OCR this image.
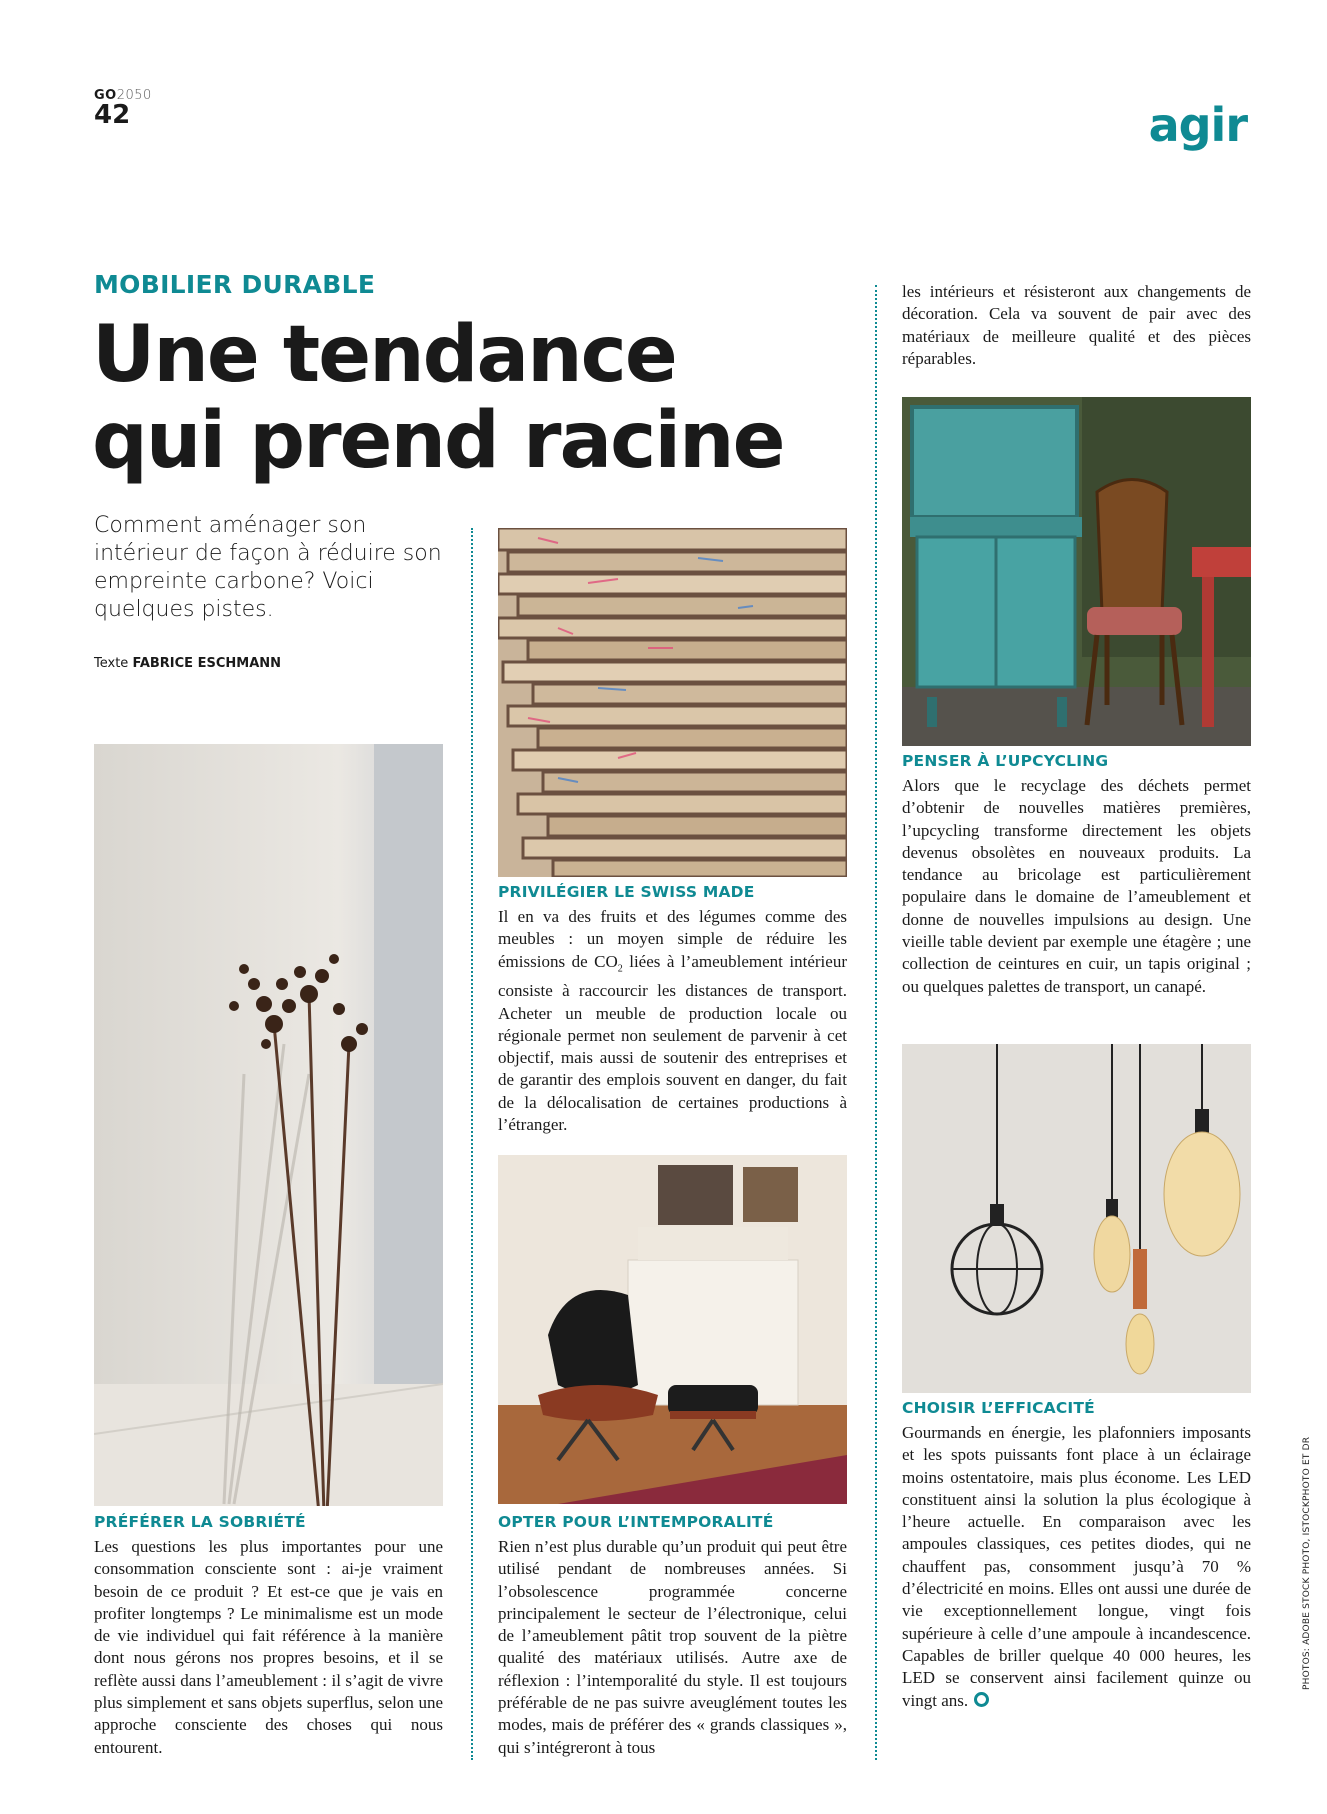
GO2050
42	agir
MOBILIER DURABLE
Une tendance qui prend racine

Comment aménager son intérieur de façon à réduire son empreinte carbone? Voici quelques pistes.

Texte FABRICE ESCHMANN
PRÉFÉRER LA SOBRIÉTÉ

Les questions les plus importantes pour une consommation consciente sont : ai-je vraiment besoin de ce produit ? Et est-ce que je vais en profiter longtemps ? Le minimalisme est un mode de vie individuel qui fait référence à la manière dont nous gérons nos propres besoins, et il se reflète aussi dans l’ameublement : il s’agit de vivre plus simplement et sans objets superflus, selon une approche consciente des choses qui nous entourent.

PRIVILÉGIER LE SWISS MADE

Il en va des fruits et des légumes comme des meubles : un moyen simple de réduire les émissions de $CO_2$ liées à l’ameublement intérieur consiste à raccourcir les distances de transport. Acheter un meuble de production locale ou régionale permet non seulement de parvenir à cet objectif, mais aussi de soutenir des entreprises et de garantir des emplois souvent en danger, du fait de la délocalisation de certaines productions à l’étranger.

OPTER POUR L’INTEMPORALITÉ

Rien n’est plus durable qu’un produit qui peut être utilisé pendant de nombreuses années. Si l’obsolescence programmée concerne principalement le secteur de l’électronique, celui de l’ameublement pâtit trop souvent de la piètre qualité des matériaux utilisés. Autre axe de réflexion : l’intemporalité du style. Il est toujours préférable de ne pas suivre aveuglément toutes les modes, mais de préférer des « grands classiques », qui s’intégreront à tous

les intérieurs et résisteront aux changements de décoration. Cela va souvent de pair avec des matériaux de meilleure qualité et des pièces réparables.

PENSER À L’UPCYCLING

Alors que le recyclage des déchets permet d’obtenir de nouvelles matières premières, l’upcycling transforme directement les objets devenus obsolètes en nouveaux produits. La tendance au bricolage est particulièrement populaire dans le domaine de l’ameublement et donne de nouvelles impulsions au design. Une vieille table devient par exemple une étagère ; une collection de ceintures en cuir, un tapis original ; ou quelques palettes de transport, un canapé.

CHOISIR L’EFFICACITÉ

Gourmands en énergie, les plafonniers imposants et les spots puissants font place à un éclairage moins ostentatoire, mais plus économe. Les LED constituent ainsi la solution la plus écologique à l’heure actuelle. En comparaison avec les ampoules classiques, ces petites diodes, qui ne chauffent pas, consomment jusqu’à 70 % d’électricité en moins. Elles ont aussi une durée de vie exceptionnellement longue, vingt fois supérieure à celle d’une ampoule à incandescence. Capables de briller quelque 40 000 heures, les LED se conservent ainsi facilement quinze ou vingt ans.

PHOTOS: ADOBE STOCK PHOTO, ISTOCKPHOTO ET DR
